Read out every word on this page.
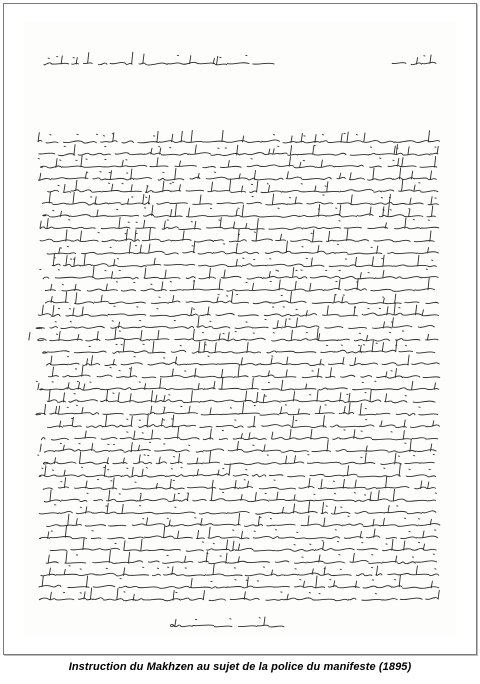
Instruction du Makhzen au sujet de la police du manifeste (1895)
